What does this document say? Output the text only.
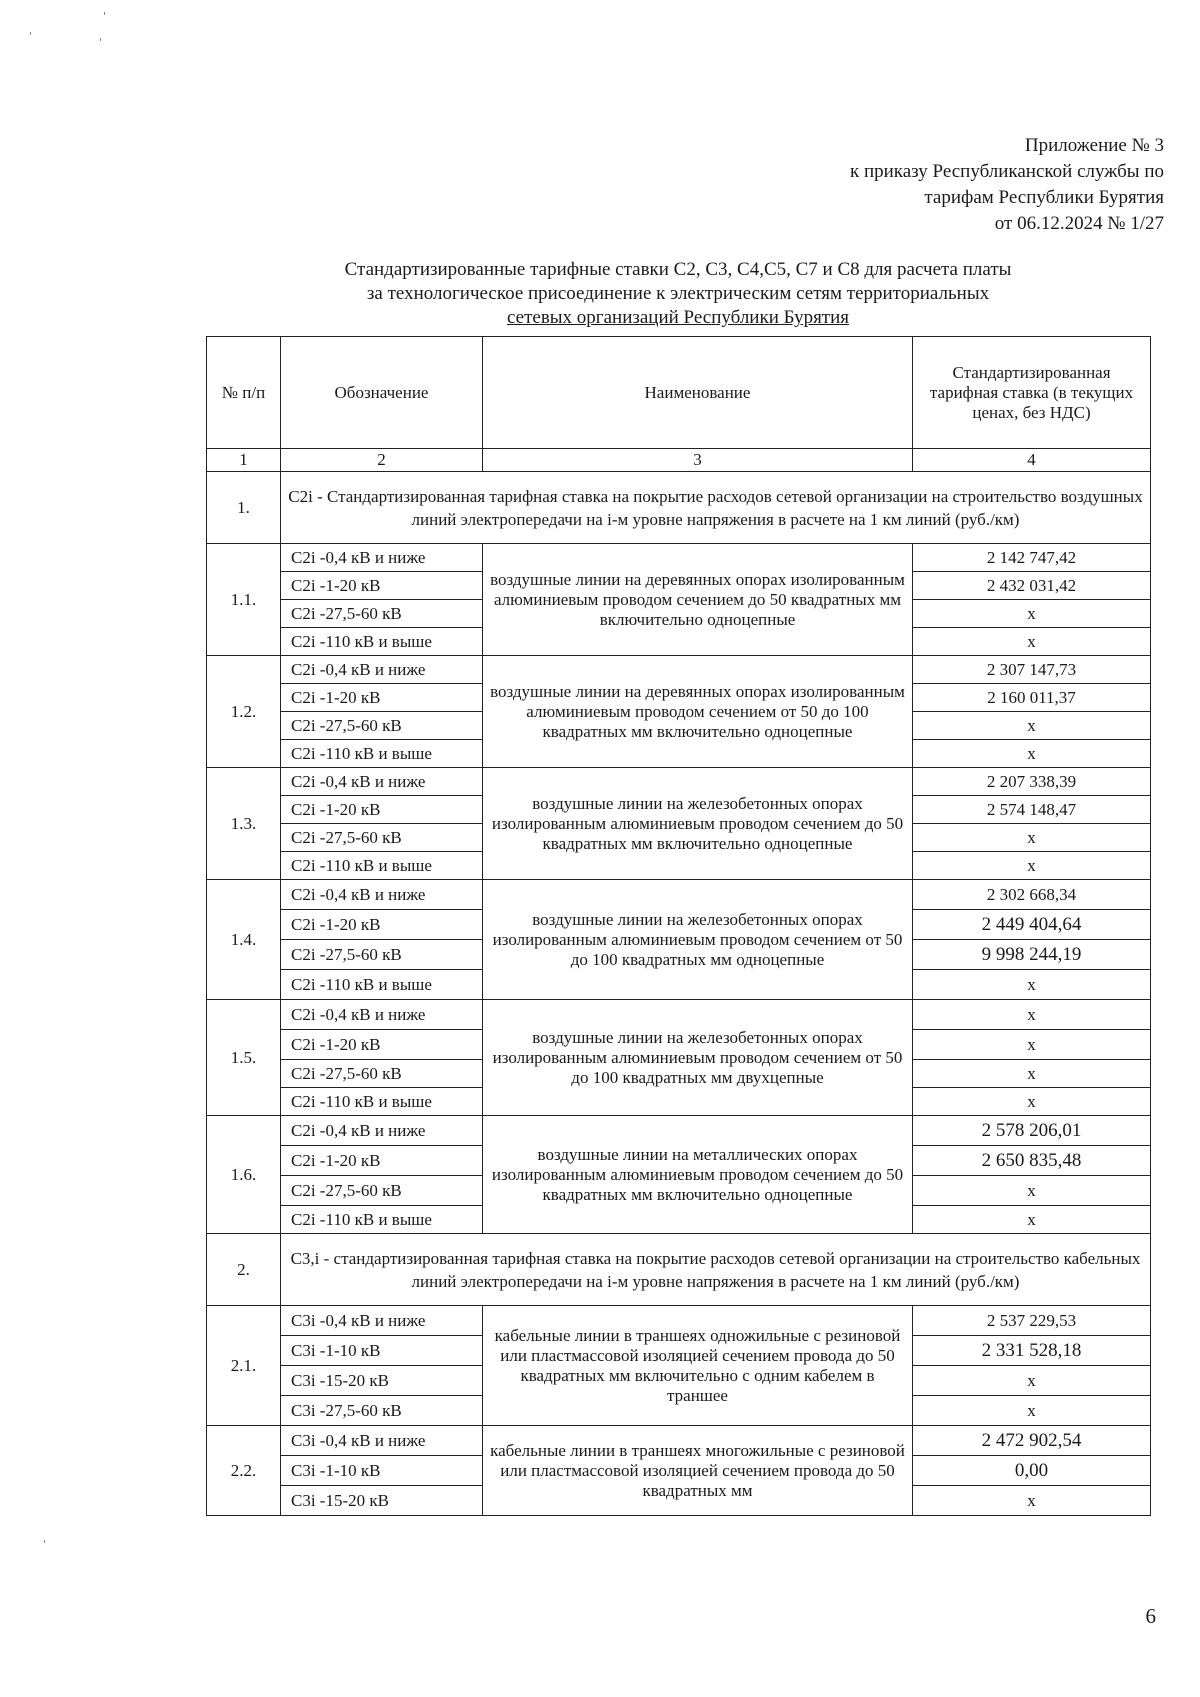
Приложение № 3
к приказу Республиканской службы по
тарифам Республики Бурятия
от 06.12.2024 № 1/27
Стандартизированные тарифные ставки С2, С3, С4,С5, С7 и С8 для расчета платы
за технологическое присоединение к электрическим сетям территориальных
сетевых организаций Республики Бурятия
№ п/п	Обозначение	Наименование	Стандартизированная тарифная ставка (в текущих ценах, без НДС)
1	2	3	4
1.	С2i - Стандартизированная тарифная ставка на покрытие расходов сетевой организации на строительство воздушных линий электропередачи на i-м уровне напряжения в расчете на 1 км линий (руб./км)		
1.1.	С2i -0,4 кВ и ниже	воздушные линии на деревянных опорах изолированным алюминиевым проводом сечением до 50 квадратных мм включительно одноцепные	2 142 747,42
	С2i -1-20 кВ		2 432 031,42
	С2i -27,5-60 кВ		х
	С2i -110 кВ и выше		х
1.2.	С2i -0,4 кВ и ниже	воздушные линии на деревянных опорах изолированным алюминиевым проводом сечением от 50 до 100 квадратных мм включительно одноцепные	2 307 147,73
	С2i -1-20 кВ		2 160 011,37
	С2i -27,5-60 кВ		х
	С2i -110 кВ и выше		х
1.3.	С2i -0,4 кВ и ниже	воздушные линии на железобетонных опорах изолированным алюминиевым проводом сечением до 50 квадратных мм включительно одноцепные	2 207 338,39
	С2i -1-20 кВ		2 574 148,47
	С2i -27,5-60 кВ		х
	С2i -110 кВ и выше		х
1.4.	С2i -0,4 кВ и ниже	воздушные линии на железобетонных опорах изолированным алюминиевым проводом сечением от 50 до 100 квадратных мм одноцепные	2 302 668,34
	С2i -1-20 кВ		2 449 404,64
	С2i -27,5-60 кВ		9 998 244,19
	С2i -110 кВ и выше		х
1.5.	С2i -0,4 кВ и ниже	воздушные линии на железобетонных опорах изолированным алюминиевым проводом сечением от 50 до 100 квадратных мм двухцепные	х
	С2i -1-20 кВ		х
	С2i -27,5-60 кВ		х
	С2i -110 кВ и выше		х
1.6.	С2i -0,4 кВ и ниже	воздушные линии на металлических опорах изолированным алюминиевым проводом сечением до 50 квадратных мм включительно одноцепные	2 578 206,01
	С2i -1-20 кВ		2 650 835,48
	С2i -27,5-60 кВ		х
	С2i -110 кВ и выше		х
2.	С3,i - стандартизированная тарифная ставка на покрытие расходов сетевой организации на строительство кабельных линий электропередачи на i-м уровне напряжения в расчете на 1 км линий (руб./км)		
2.1.	С3i -0,4 кВ и ниже	кабельные линии в траншеях одножильные с резиновой или пластмассовой изоляцией сечением провода до 50 квадратных мм включительно с одним кабелем в траншее	2 537 229,53
	С3i -1-10 кВ		2 331 528,18
	С3i -15-20 кВ		х
	С3i -27,5-60 кВ		х
2.2.	С3i -0,4 кВ и ниже	кабельные линии в траншеях многожильные с резиновой или пластмассовой изоляцией сечением провода до 50 квадратных мм	2 472 902,54
	С3i -1-10 кВ		0,00
	С3i -15-20 кВ		х
6
